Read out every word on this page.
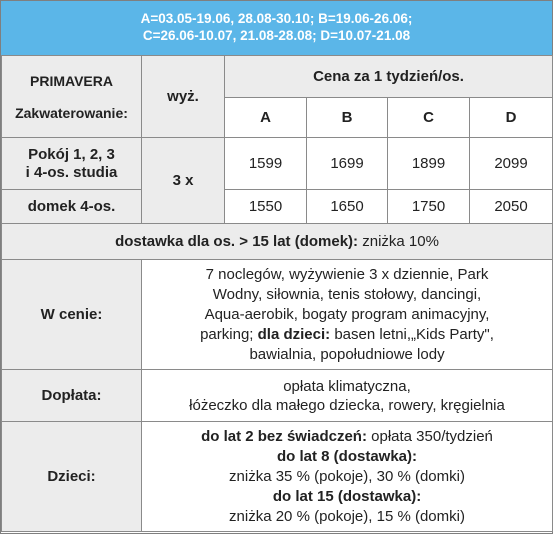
A=03.05-19.06, 28.08-30.10; B=19.06-26.06;
C=26.06-10.07, 21.08-28.08; D=10.07-21.08
PRIMAVERA
Zakwaterowanie:	wyż.	Cena za 1 tydzień/os.			
		A	B	C	D

Pokój 1, 2, 3
i 4-os. studia	3 x	1599	1699	1899	2099
domek 4-os.		1550	1650	1750	2050
dostawka dla os. > 15 lat (domek): zniżka 10%					
W cenie:	7 noclegów, wyżywienie 3 x dziennie, Park
Wodny, siłownia, tenis stołowy, dancingi,
Aqua-aerobik, bogaty program animacyjny,
parking; dla dzieci: basen letni,„Kids Party",
bawialnia, popołudniowe lody				

Dopłata:	opłata klimatyczna,
łóżeczko dla małego dziecka, rowery, kręgielnia				

Dzieci:	do lat 2 bez świadczeń: opłata 350/tydzień
do lat 8 (dostawka):
zniżka 35 % (pokoje), 30 % (domki)
do lat 15 (dostawka):
zniżka 20 % (pokoje), 15 % (domki)				
